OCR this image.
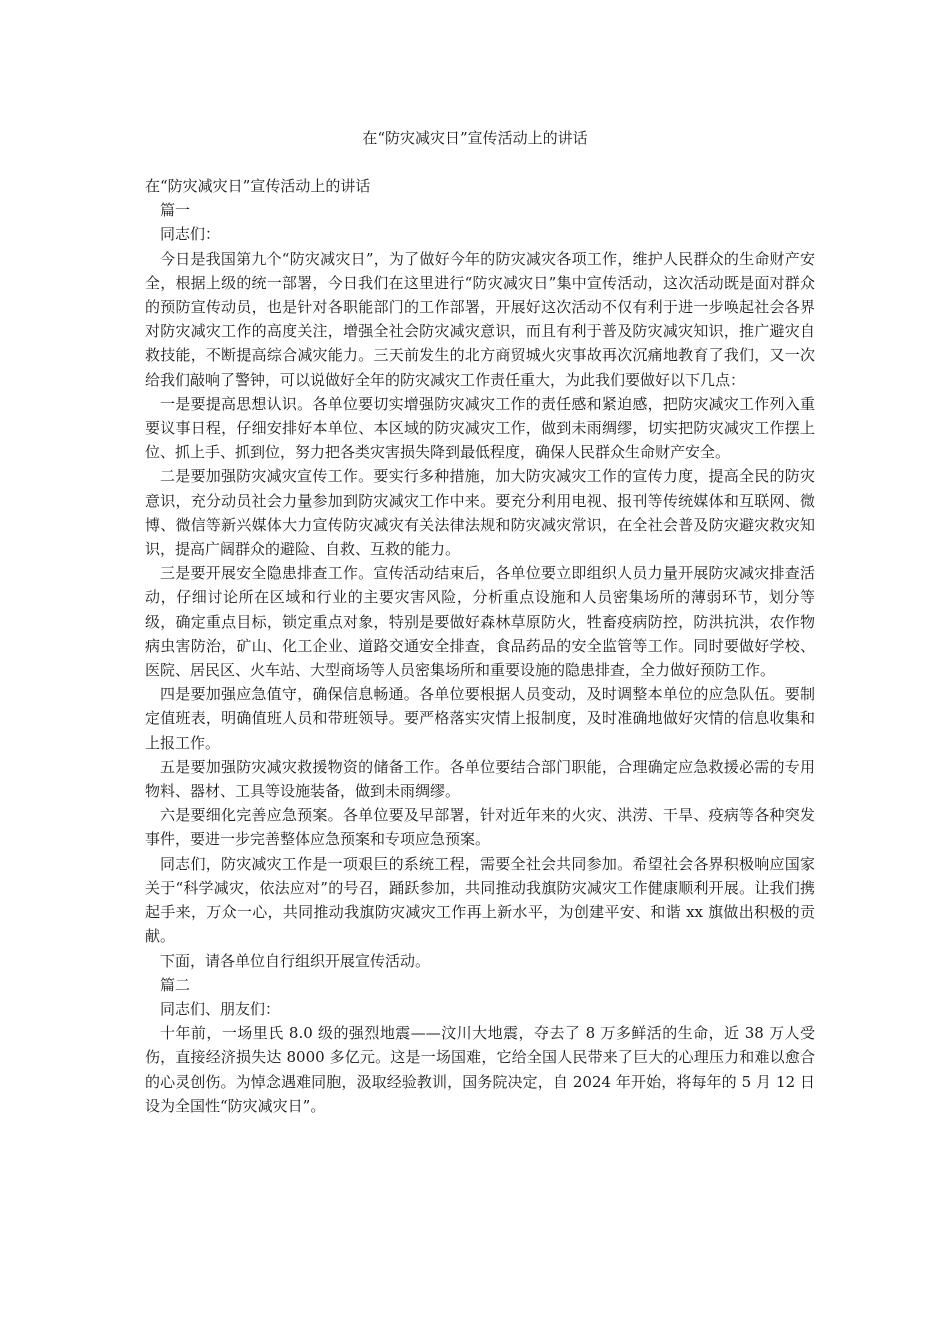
在“防灾减灾日”宣传活动上的讲话

在“防灾减灾日”宣传活动上的讲话

篇一

同志们：

今日是我国第九个“防灾减灾日”，为了做好今年的防灾减灾各项工作，维护人民群众的生命财产安全，根据上级的统一部署，今日我们在这里进行“防灾减灾日”集中宣传活动，这次活动既是面对群众的预防宣传动员，也是针对各职能部门的工作部署，开展好这次活动不仅有利于进一步唤起社会各界对防灾减灾工作的高度关注，增强全社会防灾减灾意识，而且有利于普及防灾减灾知识，推广避灾自救技能，不断提高综合减灾能力。三天前发生的北方商贸城火灾事故再次沉痛地教育了我们，又一次给我们敲响了警钟，可以说做好全年的防灾减灾工作责任重大，为此我们要做好以下几点：

一是要提高思想认识。各单位要切实增强防灾减灾工作的责任感和紧迫感，把防灾减灾工作列入重要议事日程，仔细安排好本单位、本区域的防灾减灾工作，做到未雨绸缪，切实把防灾减灾工作摆上位、抓上手、抓到位，努力把各类灾害损失降到最低程度，确保人民群众生命财产安全。

二是要加强防灾减灾宣传工作。要实行多种措施，加大防灾减灾工作的宣传力度，提高全民的防灾意识，充分动员社会力量参加到防灾减灾工作中来。要充分利用电视、报刊等传统媒体和互联网、微博、微信等新兴媒体大力宣传防灾减灾有关法律法规和防灾减灾常识，在全社会普及防灾避灾救灾知识，提高广阔群众的避险、自救、互救的能力。

三是要开展安全隐患排查工作。宣传活动结束后，各单位要立即组织人员力量开展防灾减灾排查活动，仔细讨论所在区域和行业的主要灾害风险，分析重点设施和人员密集场所的薄弱环节，划分等级，确定重点目标，锁定重点对象，特别是要做好森林草原防火，牲畜疫病防控，防洪抗洪，农作物病虫害防治，矿山、化工企业、道路交通安全排查，食品药品的安全监管等工作。同时要做好学校、医院、居民区、火车站、大型商场等人员密集场所和重要设施的隐患排查，全力做好预防工作。

四是要加强应急值守，确保信息畅通。各单位要根据人员变动，及时调整本单位的应急队伍。要制定值班表，明确值班人员和带班领导。要严格落实灾情上报制度，及时准确地做好灾情的信息收集和上报工作。

五是要加强防灾减灾救援物资的储备工作。各单位要结合部门职能，合理确定应急救援必需的专用物料、器材、工具等设施装备，做到未雨绸缪。

六是要细化完善应急预案。各单位要及早部署，针对近年来的火灾、洪涝、干旱、疫病等各种突发事件，要进一步完善整体应急预案和专项应急预案。

同志们，防灾减灾工作是一项艰巨的系统工程，需要全社会共同参加。希望社会各界积极响应国家关于“科学减灾，依法应对”的号召，踊跃参加，共同推动我旗防灾减灾工作健康顺利开展。让我们携起手来，万众一心，共同推动我旗防灾减灾工作再上新水平，为创建平安、和谐 xx 旗做出积极的贡献。

下面，请各单位自行组织开展宣传活动。

篇二

同志们、朋友们：

十年前，一场里氏 8.0 级的强烈地震——汶川大地震，夺去了 8 万多鲜活的生命，近 38 万人受伤，直接经济损失达 8000 多亿元。这是一场国难，它给全国人民带来了巨大的心理压力和难以愈合的心灵创伤。为悼念遇难同胞，汲取经验教训，国务院决定，自 2024 年开始，将每年的 5 月 12 日设为全国性“防灾减灾日”。
